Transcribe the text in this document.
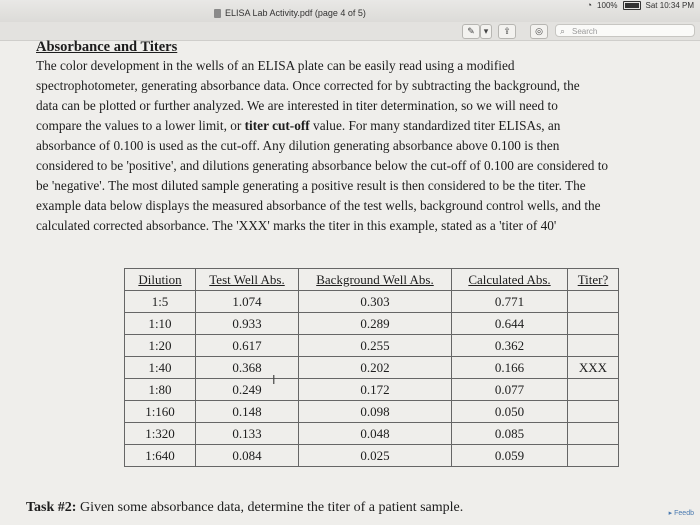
ELISA Lab Activity.pdf (page 4 of 5)
◔ 100%	Sat 10:34 PM
✎ ▾	⇪	◎	⌕ Search

Absorbance and Titers

The color development in the wells of an ELISA plate can be easily read using a modified

spectrophotometer, generating absorbance data. Once corrected for by subtracting the background, the

data can be plotted or further analyzed. We are interested in titer determination, so we will need to

compare the values to a lower limit, or titer cut-off value. For many standardized titer ELISAs, an

absorbance of 0.100 is used as the cut-off. Any dilution generating absorbance above 0.100 is then

considered to be 'positive', and dilutions generating absorbance below the cut-off of 0.100 are considered to

be 'negative'. The most diluted sample generating a positive result is then considered to be the titer. The

example data below displays the measured absorbance of the test wells, background control wells, and the

calculated corrected absorbance. The 'XXX' marks the titer in this example, stated as a 'titer of 40'

Dilution	Test Well Abs.	Background Well Abs.	Calculated Abs.	Titer?
1:5	1.074	0.303	0.771	
1:10	0.933	0.289	0.644	
1:20	0.617	0.255	0.362	
1:40	0.368	0.202	0.166	XXX
1:80	0.249	0.172	0.077	
1:160	0.148	0.098	0.050	
1:320	0.133	0.048	0.085	
1:640	0.084	0.025	0.059	
I
Task #2: Given some absorbance data, determine the titer of a patient sample.	▸ Feedb
